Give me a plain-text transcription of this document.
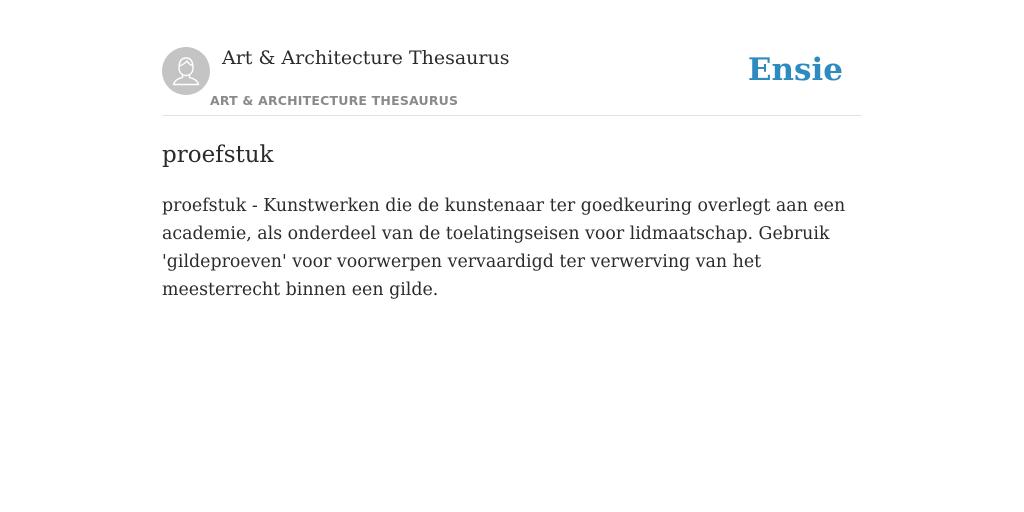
Art & Architecture Thesaurus
ART & ARCHITECTURE THESAURUS
Ensie
proefstuk

proefstuk - Kunstwerken die de kunstenaar ter goedkeuring overlegt aan een academie, als onderdeel van de toelatingseisen voor lidmaatschap. Gebruik 'gildeproeven' voor voorwerpen vervaardigd ter verwerving van het meesterrecht binnen een gilde.
